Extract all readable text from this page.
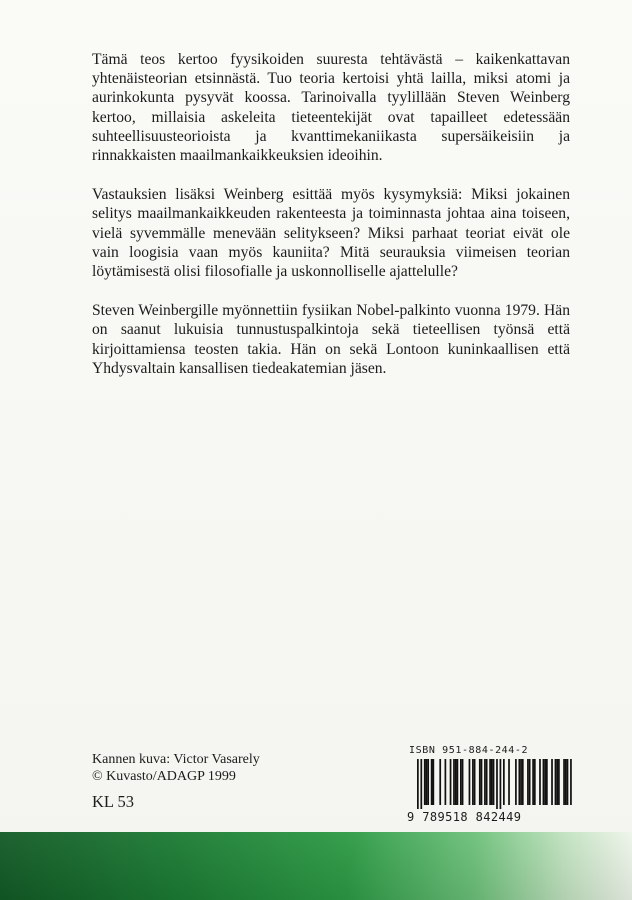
Tämä teos kertoo fyysikoiden suuresta tehtävästä – kaikenkattavan yhtenäisteorian etsinnästä. Tuo teoria kertoisi yhtä lailla, miksi atomi ja aurinkokunta pysyvät koossa. Tarinoivalla tyylillään Steven Weinberg kertoo, millaisia askeleita tieteentekijät ovat tapailleet edetessään suhteellisuusteorioista ja kvanttimekaniikasta supersäikeisiin ja rinnakkaisten maailmankaikkeuksien ideoihin.

Vastauksien lisäksi Weinberg esittää myös kysymyksiä: Miksi jokainen selitys maailmankaikkeuden rakenteesta ja toiminnasta johtaa aina toiseen, vielä syvemmälle menevään selitykseen? Miksi parhaat teoriat eivät ole vain loogisia vaan myös kauniita? Mitä seurauksia viimeisen teorian löytämisestä olisi filosofialle ja uskonnolliselle ajattelulle?

Steven Weinbergille myönnettiin fysiikan Nobel-palkinto vuonna 1979. Hän on saanut lukuisia tunnustuspalkintoja sekä tieteellisen työnsä että kirjoittamiensa teosten takia. Hän on sekä Lontoon kuninkaallisen että Yhdysvaltain kansallisen tiedeakatemian jäsen.

Kannen kuva: Victor Vasarely
© Kuvasto/ADAGP 1999
KL 53
ISBN 951-884-244-2
9 789518 842449
